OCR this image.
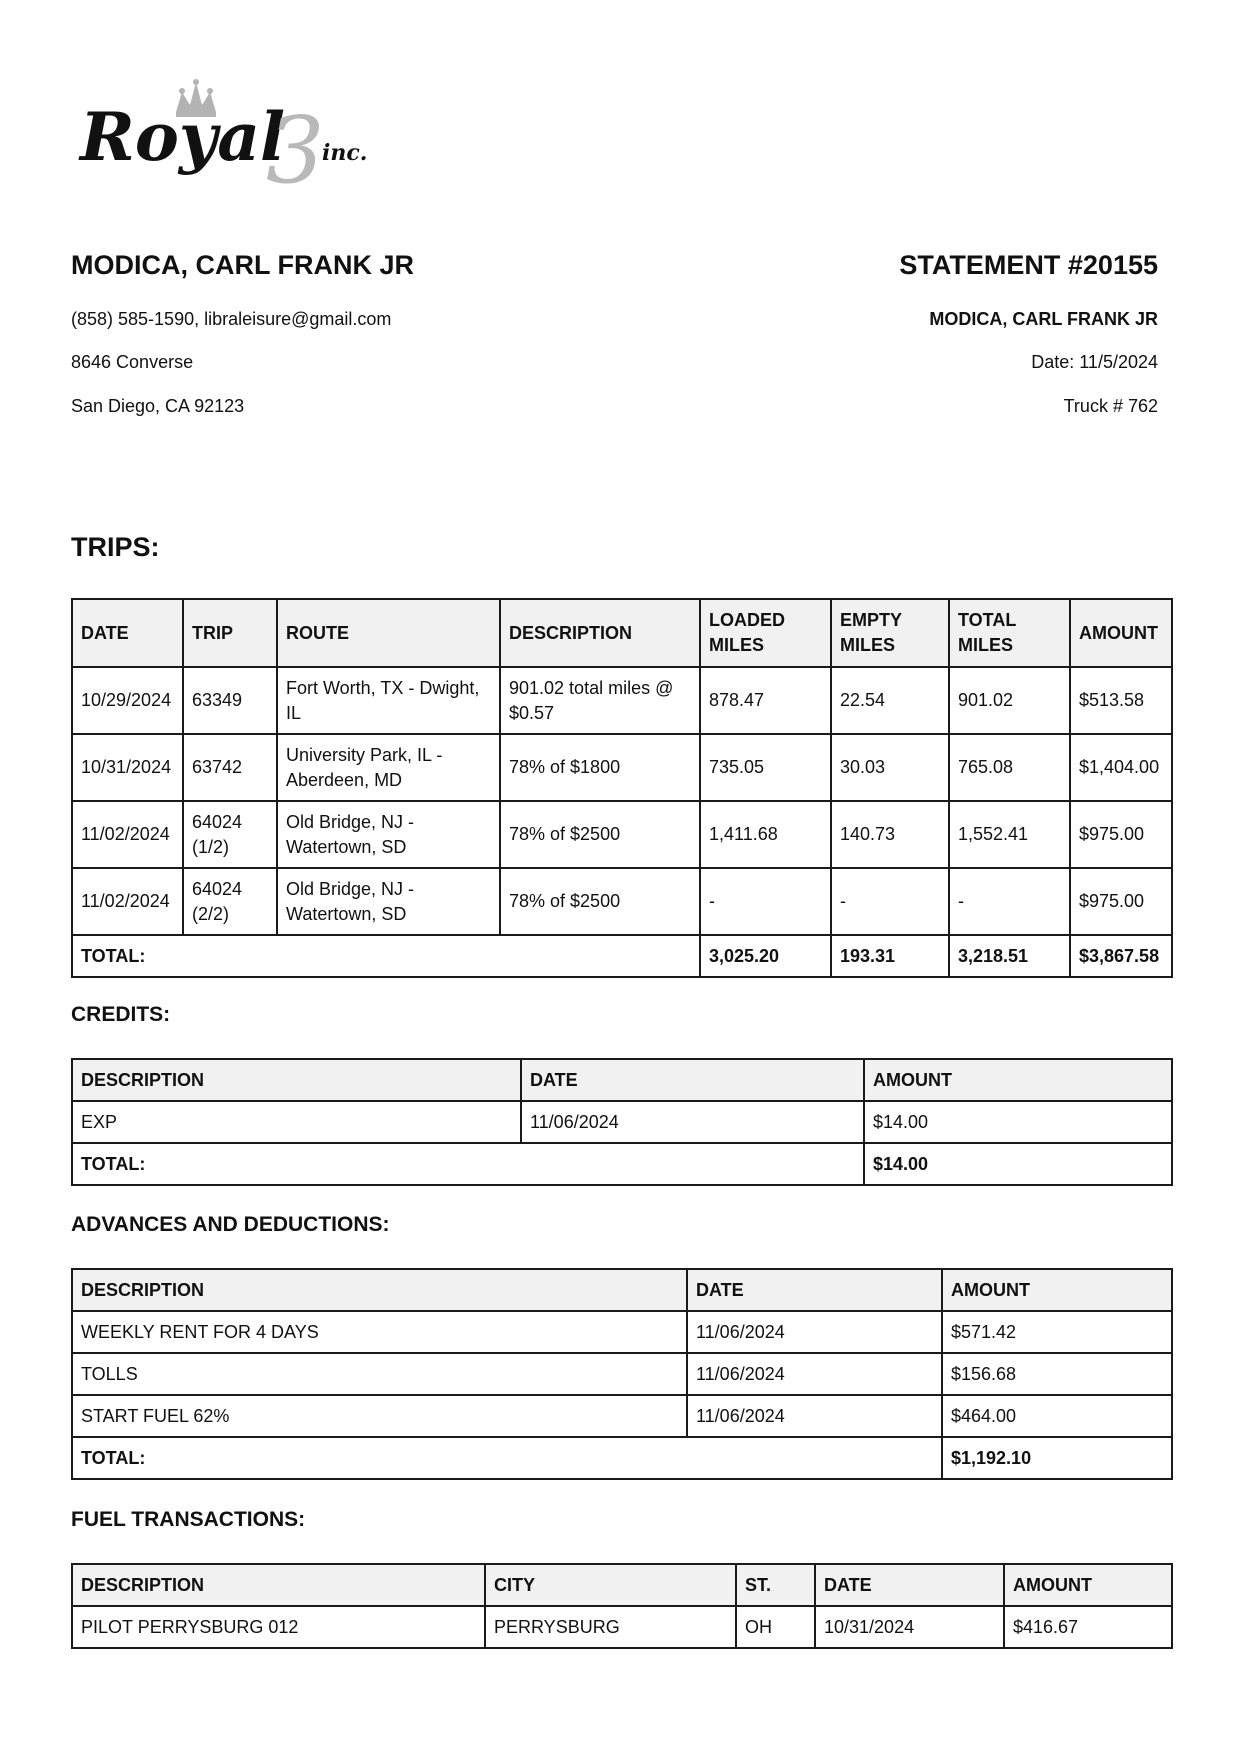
Royal
3
inc.
MODICA, CARL FRANK JR
(858) 585-1590, libraleisure@gmail.com
8646 Converse
San Diego, CA 92123
STATEMENT #20155
MODICA, CARL FRANK JR
Date: 11/5/2024
Truck # 762
TRIPS:
DATE	TRIP	ROUTE	DESCRIPTION	LOADED MILES	EMPTY MILES	TOTAL MILES	AMOUNT
10/29/2024	63349	Fort Worth, TX - Dwight, IL	901.02 total miles @ $0.57	878.47	22.54	901.02	$513.58
10/31/2024	63742	University Park, IL - Aberdeen, MD	78% of $1800	735.05	30.03	765.08	$1,404.00
11/02/2024	64024 (1/2)	Old Bridge, NJ - Watertown, SD	78% of $2500	1,411.68	140.73	1,552.41	$975.00
11/02/2024	64024 (2/2)	Old Bridge, NJ - Watertown, SD	78% of $2500	-	-	-	$975.00
TOTAL:				3,025.20	193.31	3,218.51	$3,867.58
CREDITS:
DESCRIPTION	DATE	AMOUNT
EXP	11/06/2024	$14.00
TOTAL:		$14.00
ADVANCES AND DEDUCTIONS:
DESCRIPTION	DATE	AMOUNT
WEEKLY RENT FOR 4 DAYS	11/06/2024	$571.42
TOLLS	11/06/2024	$156.68
START FUEL 62%	11/06/2024	$464.00
TOTAL:		$1,192.10
FUEL TRANSACTIONS:
DESCRIPTION	CITY	ST.	DATE	AMOUNT
PILOT PERRYSBURG 012	PERRYSBURG	OH	10/31/2024	$416.67
